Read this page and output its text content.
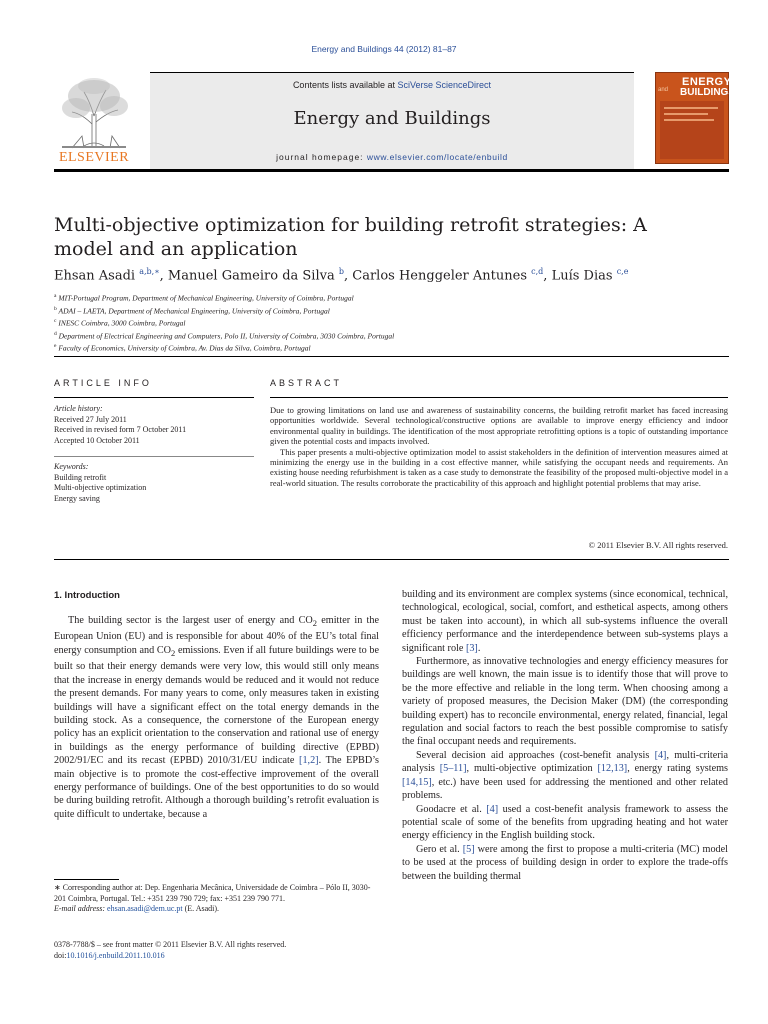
Energy and Buildings 44 (2012) 81–87
Contents lists available at SciVerse ScienceDirect
Energy and Buildings
journal homepage: www.elsevier.com/locate/enbuild
ELSEVIER
ENERGY
and BUILDINGS
Multi-objective optimization for building retrofit strategies: A model and an application
Ehsan Asadi $^{a,b,∗}$, Manuel Gameiro da Silva $^b$, Carlos Henggeler Antunes $^{c,d}$, Luís Dias $^{c,e}$
$^a$ MIT-Portugal Program, Department of Mechanical Engineering, University of Coimbra, Portugal
$^b$ ADAI – LAETA, Department of Mechanical Engineering, University of Coimbra, Portugal
$^c$ INESC Coimbra, 3000 Coimbra, Portugal
$^d$ Department of Electrical Engineering and Computers, Polo II, University of Coimbra, 3030 Coimbra, Portugal
$^e$ Faculty of Economics, University of Coimbra, Av. Dias da Silva, Coimbra, Portugal
ARTICLE INFO	ABSTRACT
Article history:
Received 27 July 2011
Received in revised form 7 October 2011
Accepted 10 October 2011
Keywords:
Building retrofit
Multi-objective optimization
Energy saving

Due to growing limitations on land use and awareness of sustainability concerns, the building retrofit market has faced increasing opportunities worldwide. Several technological/constructive options are available to improve energy efficiency and indoor environmental quality in buildings. The identification of the most appropriate retrofitting options is a topic of outstanding importance given the potential costs and impacts involved.

This paper presents a multi-objective optimization model to assist stakeholders in the definition of intervention measures aimed at minimizing the energy use in the building in a cost effective manner, while satisfying the occupant needs and requirements. An existing house needing refurbishment is taken as a case study to demonstrate the feasibility of the proposed multi-objective model in a real-world situation. The results corroborate the practicability of this approach and highlight potential problems that may arise.

© 2011 Elsevier B.V. All rights reserved.
1. Introduction

The building sector is the largest user of energy and $CO_2$ emitter in the European Union (EU) and is responsible for about 40% of the EU’s total final energy consumption and $CO_2$ emissions. Even if all future buildings were to be built so that their energy demands were very low, this would still only means that the increase in energy demands would be reduced and it would not reduce the present demands. For many years to come, only measures taken in existing buildings will have a significant effect on the total energy demands in the building stock. As a consequence, the cornerstone of the European energy policy has an explicit orientation to the conservation and rational use of energy in buildings as the energy performance of building directive (EPBD) 2002/91/EC and its recast (EPBD) 2010/31/EU indicate [1,2]. The EPBD’s main objective is to promote the cost-effective improvement of the overall energy performance of buildings. One of the best opportunities to do so would be during building retrofit. Although a thorough building’s retrofit evaluation is quite difficult to undertake, because a

building and its environment are complex systems (since economical, technical, technological, ecological, social, comfort, and esthetical aspects, among others must be taken into account), in which all sub-systems influence the overall efficiency performance and the interdependence between sub-systems plays a significant role [3].

Furthermore, as innovative technologies and energy efficiency measures for buildings are well known, the main issue is to identify those that will prove to be the more effective and reliable in the long term. When choosing among a variety of proposed measures, the Decision Maker (DM) (the corresponding building expert) has to reconcile environmental, energy related, financial, legal regulation and social factors to reach the best possible compromise to satisfy the final occupant needs and requirements.

Several decision aid approaches (cost-benefit analysis [4], multi-criteria analysis [5–11], multi-objective optimization [12,13], energy rating systems [14,15], etc.) have been used for addressing the mentioned and other related problems.

Goodacre et al. [4] used a cost-benefit analysis framework to assess the potential scale of some of the benefits from upgrading heating and hot water energy efficiency in the English building stock.

Gero et al. [5] were among the first to propose a multi-criteria (MC) model to be used at the process of building design in order to explore the trade-offs between the building thermal

∗ Corresponding author at: Dep. Engenharia Mecânica, Universidade de Coimbra – Pólo II, 3030-201 Coimbra, Portugal. Tel.: +351 239 790 729; fax: +351 239 790 771.
E-mail address: ehsan.asadi@dem.uc.pt (E. Asadi).
0378-7788/$ – see front matter © 2011 Elsevier B.V. All rights reserved.
doi:10.1016/j.enbuild.2011.10.016
